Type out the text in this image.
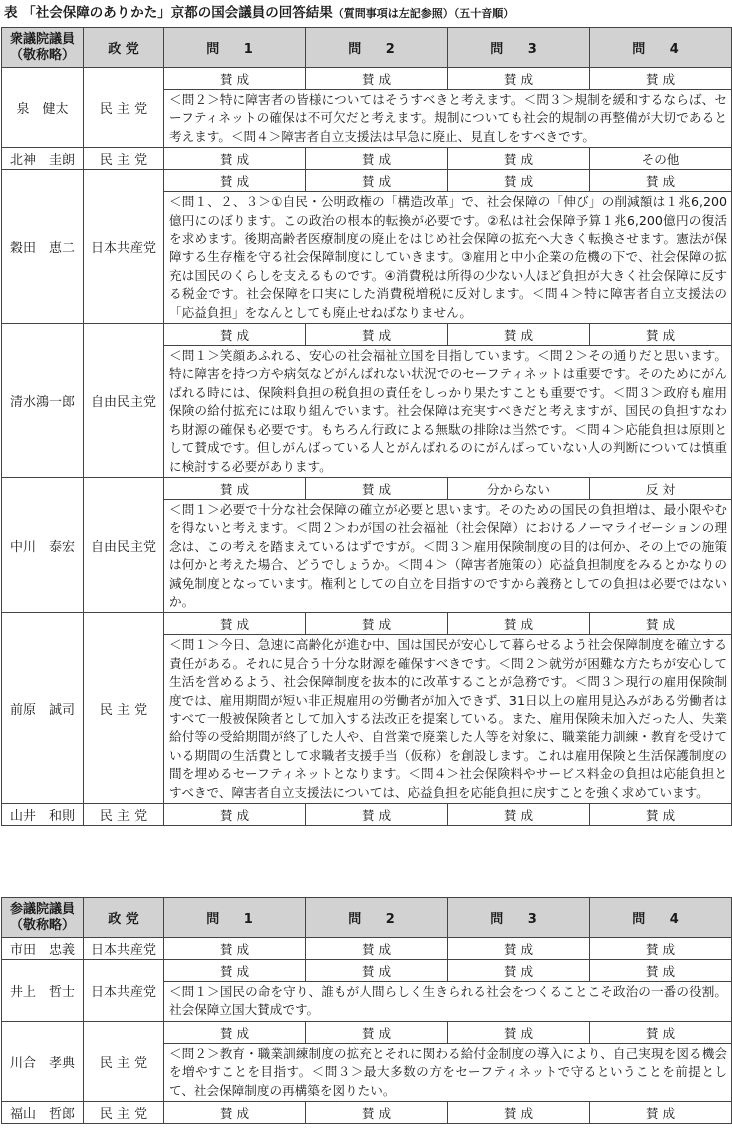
表 「社会保障のありかた」京都の国会議員の回答結果（質問事項は左記参照）（五十音順）
衆議院議員
（敬称略）	政 党	問 1	問 2	問 3	問 4
泉　健太	民 主 党	賛 成	賛 成	賛 成	賛 成
		＜問２＞特に障害者の皆様についてはそうすべきと考えます。＜問３＞規制を緩和するならば、セーフティネットの確保は不可欠だと考えます。規制についても社会的規制の再整備が大切であると考えます。＜問４＞障害者自立支援法は早急に廃止、見直しをすべきです。			
北神　圭朗	民 主 党	賛 成	賛 成	賛 成	その他
穀田　恵二	日本共産党	賛 成	賛 成	賛 成	賛 成
		＜問１、２、３＞①自民・公明政権の「構造改革」で、社会保障の「伸び」の削減額は１兆6,200億円にのぼります。この政治の根本的転換が必要です。②私は社会保障予算１兆6,200億円の復活を求めます。後期高齢者医療制度の廃止をはじめ社会保障の拡充へ大きく転換させます。憲法が保障する生存権を守る社会保障制度にしていきます。③雇用と中小企業の危機の下で、社会保障の拡充は国民のくらしを支えるものです。④消費税は所得の少ない人ほど負担が大きく社会保障に反する税金です。社会保障を口実にした消費税増税に反対します。＜問４＞特に障害者自立支援法の「応益負担」をなんとしても廃止せねばなりません。			
清水鴻一郎	自由民主党	賛 成	賛 成	賛 成	賛 成
		＜問１＞笑顔あふれる、安心の社会福祉立国を目指しています。＜問２＞その通りだと思います。特に障害を持つ方や病気などがんばれない状況でのセーフティネットは重要です。そのためにがんばれる時には、保険料負担の税負担の責任をしっかり果たすことも重要です。＜問３＞政府も雇用保険の給付拡充には取り組んでいます。社会保障は充実すべきだと考えますが、国民の負担すなわち財源の確保も必要です。もちろん行政による無駄の排除は当然です。＜問４＞応能負担は原則として賛成です。但しがんばっている人とがんばれるのにがんばっていない人の判断については慎重に検討する必要があります。			
中川　泰宏	自由民主党	賛 成	賛 成	分からない	反 対
		＜問１＞必要で十分な社会保障の確立が必要と思います。そのための国民の負担増は、最小限やむを得ないと考えます。＜問２＞わが国の社会福祉（社会保障）におけるノーマライゼーションの理念は、この考えを踏まえているはずですが。＜問３＞雇用保険制度の目的は何か、その上での施策は何かと考えた場合、どうでしょうか。＜問４＞（障害者施策の）応益負担制度をみるとかなりの減免制度となっています。権利としての自立を目指すのですから義務としての負担は必要ではないか。			
前原　誠司	民 主 党	賛 成	賛 成	賛 成	賛 成
		＜問１＞今日、急速に高齢化が進む中、国は国民が安心して暮らせるよう社会保障制度を確立する責任がある。それに見合う十分な財源を確保すべきです。＜問２＞就労が困難な方たちが安心して生活を営めるよう、社会保障制度を抜本的に改革することが急務です。＜問３＞現行の雇用保険制度では、雇用期間が短い非正規雇用の労働者が加入できず、31日以上の雇用見込みがある労働者はすべて一般被保険者として加入する法改正を提案している。また、雇用保険未加入だった人、失業給付等の受給期間が終了した人や、自営業で廃業した人等を対象に、職業能力訓練・教育を受けている期間の生活費として求職者支援手当（仮称）を創設します。これは雇用保険と生活保護制度の間を埋めるセーフティネットとなります。＜問４＞社会保険料やサービス料金の負担は応能負担とすべきで、障害者自立支援法については、応益負担を応能負担に戻すことを強く求めています。			
山井　和則	民 主 党	賛 成	賛 成	賛 成	賛 成
参議院議員
（敬称略）	政 党	問 1	問 2	問 3	問 4
市田　忠義	日本共産党	賛 成	賛 成	賛 成	賛 成
井上　哲士	日本共産党	賛 成	賛 成	賛 成	賛 成
		＜問１＞国民の命を守り、誰もが人間らしく生きられる社会をつくることこそ政治の一番の役割。社会保障立国大賛成です。			
川合　孝典	民 主 党	賛 成	賛 成	賛 成	賛 成
		＜問２＞教育・職業訓練制度の拡充とそれに関わる給付金制度の導入により、自己実現を図る機会を増やすことを目指す。＜問３＞最大多数の方をセーフティネットで守るということを前提として、社会保障制度の再構築を図りたい。			
福山　哲郎	民 主 党	賛 成	賛 成	賛 成	賛 成
